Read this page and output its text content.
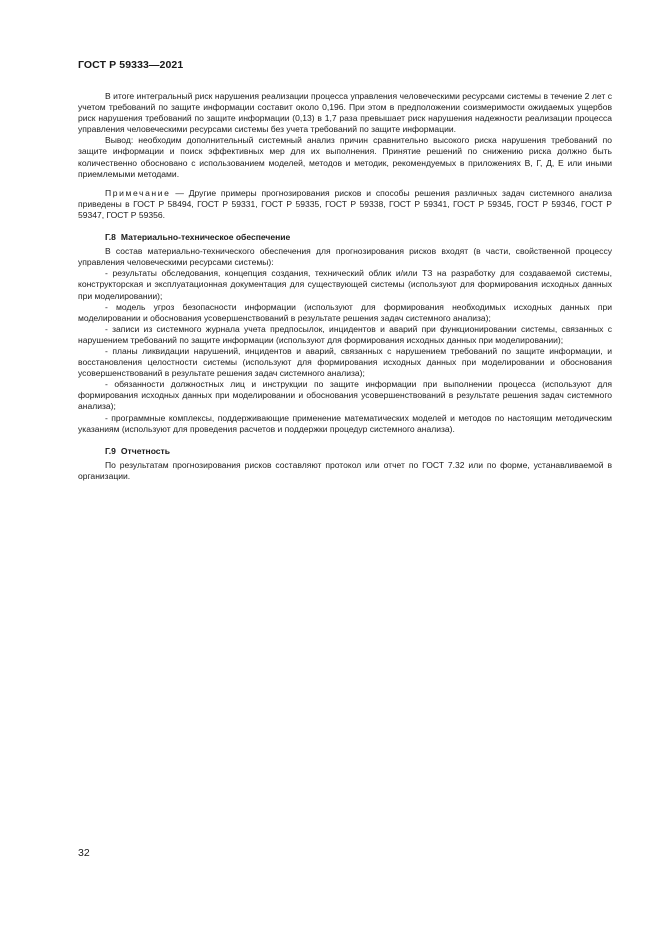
ГОСТ Р 59333—2021

В итоге интегральный риск нарушения реализации процесса управления человеческими ресурсами системы в течение 2 лет с учетом требований по защите информации составит около 0,196. При этом в предположении соизмеримости ожидаемых ущербов риск нарушения требований по защите информации (0,13) в 1,7 раза превышает риск нарушения надежности реализации процесса управления человеческими ресурсами системы без учета требований по защите информации.

Вывод: необходим дополнительный системный анализ причин сравнительно высокого риска нарушения требований по защите информации и поиск эффективных мер для их выполнения. Принятие решений по снижению риска должно быть количественно обосновано с использованием моделей, методов и методик, рекомендуемых в приложениях В, Г, Д, Е или иными приемлемыми методами.

Примечание — Другие примеры прогнозирования рисков и способы решения различных задач системного анализа приведены в ГОСТ Р 58494, ГОСТ Р 59331, ГОСТ Р 59335, ГОСТ Р 59338, ГОСТ Р 59341, ГОСТ Р 59345, ГОСТ Р 59346, ГОСТ Р 59347, ГОСТ Р 59356.

Г.8 Материально-техническое обеспечение

В состав материально-технического обеспечения для прогнозирования рисков входят (в части, свойственной процессу управления человеческими ресурсами системы):

- результаты обследования, концепция создания, технический облик и/или ТЗ на разработку для создаваемой системы, конструкторская и эксплуатационная документация для существующей системы (используют для формирования исходных данных при моделировании);

- модель угроз безопасности информации (используют для формирования необходимых исходных данных при моделировании и обоснования усовершенствований в результате решения задач системного анализа);

- записи из системного журнала учета предпосылок, инцидентов и аварий при функционировании системы, связанных с нарушением требований по защите информации (используют для формирования исходных данных при моделировании);

- планы ликвидации нарушений, инцидентов и аварий, связанных с нарушением требований по защите информации, и восстановления целостности системы (используют для формирования исходных данных при моделировании и обоснования усовершенствований в результате решения задач системного анализа);

- обязанности должностных лиц и инструкции по защите информации при выполнении процесса (используют для формирования исходных данных при моделировании и обоснования усовершенствований в результате решения задач системного анализа);

- программные комплексы, поддерживающие применение математических моделей и методов по настоящим методическим указаниям (используют для проведения расчетов и поддержки процедур системного анализа).

Г.9 Отчетность

По результатам прогнозирования рисков составляют протокол или отчет по ГОСТ 7.32 или по форме, устанавливаемой в организации.

32
